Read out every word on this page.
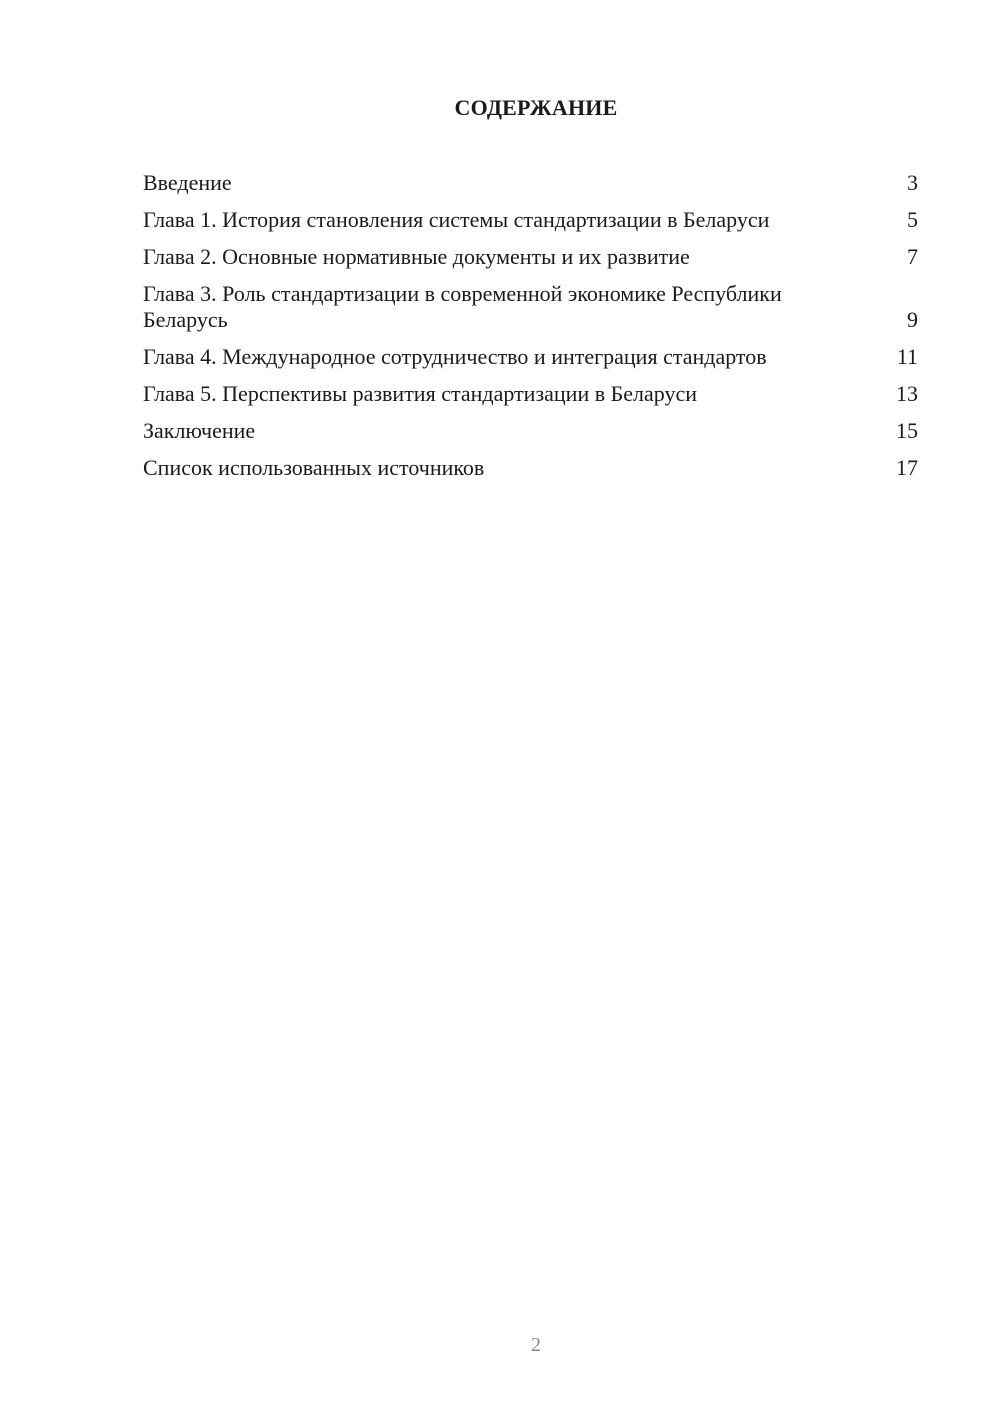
СОДЕРЖАНИЕ
Введение	3
Глава 1. История становления системы стандартизации в Беларуси	5
Глава 2. Основные нормативные документы и их развитие	7
Глава 3. Роль стандартизации в современной экономике Республики Беларусь	9
Глава 4. Международное сотрудничество и интеграция стандартов	11
Глава 5. Перспективы развития стандартизации в Беларуси	13
Заключение	15
Список использованных источников	17
2
